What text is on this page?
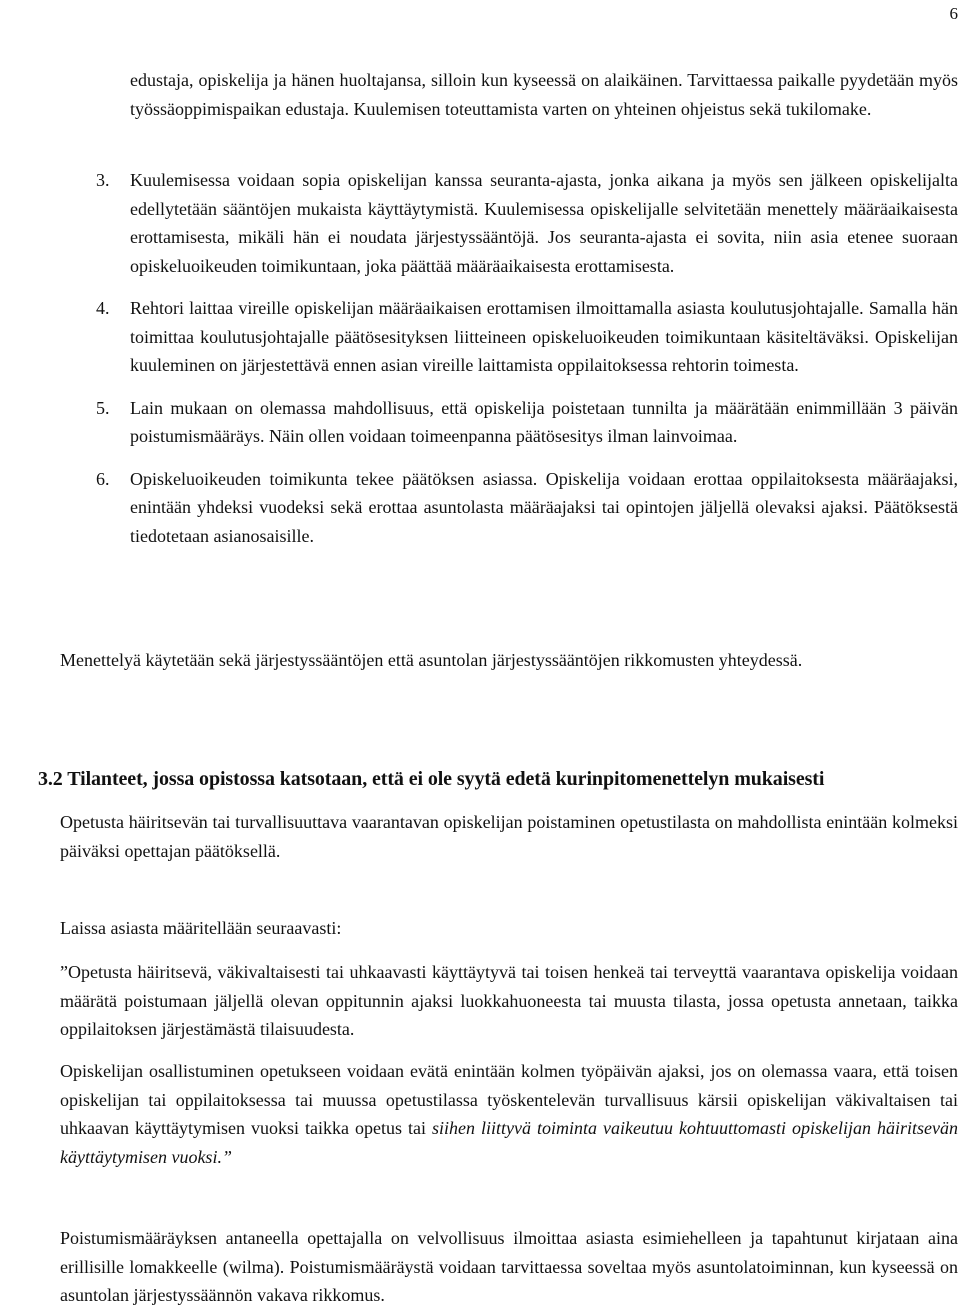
6

edustaja, opiskelija ja hänen huoltajansa, silloin kun kyseessä on alaikäinen. Tarvittaessa paikalle pyydetään myös työssäoppimispaikan edustaja. Kuulemisen toteuttamista varten on yhteinen ohjeistus sekä tukilomake.

3.	Kuulemisessa voidaan sopia opiskelijan kanssa seuranta-ajasta, jonka aikana ja myös sen jälkeen opiskelijalta edellytetään sääntöjen mukaista käyttäytymistä. Kuulemisessa opiskelijalle selvitetään menettely määräaikaisesta erottamisesta, mikäli hän ei noudata järjestyssääntöjä. Jos seuranta-ajasta ei sovita, niin asia etenee suoraan opiskeluoikeuden toimikuntaan, joka päättää määräaikaisesta erottamisesta.
4.	Rehtori laittaa vireille opiskelijan määräaikaisen erottamisen ilmoittamalla asiasta koulutusjohtajalle. Samalla hän toimittaa koulutusjohtajalle päätösesityksen liitteineen opiskeluoikeuden toimikuntaan käsiteltäväksi. Opiskelijan kuuleminen on järjestettävä ennen asian vireille laittamista oppilaitoksessa rehtorin toimesta.
5.	Lain mukaan on olemassa mahdollisuus, että opiskelija poistetaan tunnilta ja määrätään enimmillään 3 päivän poistumismääräys. Näin ollen voidaan toimeenpanna päätösesitys ilman lainvoimaa.
6.	Opiskeluoikeuden toimikunta tekee päätöksen asiassa. Opiskelija voidaan erottaa oppilaitoksesta määräajaksi, enintään yhdeksi vuodeksi sekä erottaa asuntolasta määräajaksi tai opintojen jäljellä olevaksi ajaksi. Päätöksestä tiedotetaan asianosaisille.

Menettelyä käytetään sekä järjestyssääntöjen että asuntolan järjestyssääntöjen rikkomusten yhteydessä.

3.2 Tilanteet, jossa opistossa katsotaan, että ei ole syytä edetä kurinpitomenettelyn mukaisesti

Opetusta häiritsevän tai turvallisuuttava vaarantavan opiskelijan poistaminen opetustilasta on mahdollista enintään kolmeksi päiväksi opettajan päätöksellä.

Laissa asiasta määritellään seuraavasti:

”Opetusta häiritsevä, väkivaltaisesti tai uhkaavasti käyttäytyvä tai toisen henkeä tai terveyttä vaarantava opiskelija voidaan määrätä poistumaan jäljellä olevan oppitunnin ajaksi luokkahuoneesta tai muusta tilasta, jossa opetusta annetaan, taikka oppilaitoksen järjestämästä tilaisuudesta.

Opiskelijan osallistuminen opetukseen voidaan evätä enintään kolmen työpäivän ajaksi, jos on olemassa vaara, että toisen opiskelijan tai oppilaitoksessa tai muussa opetustilassa työskentelevän turvallisuus kärsii opiskelijan väkivaltaisen tai uhkaavan käyttäytymisen vuoksi taikka opetus tai siihen liittyvä toiminta vaikeutuu kohtuuttomasti opiskelijan häiritsevän käyttäytymisen vuoksi.”

Poistumismääräyksen antaneella opettajalla on velvollisuus ilmoittaa asiasta esimiehelleen ja tapahtunut kirjataan aina erillisille lomakkeelle (wilma). Poistumismääräystä voidaan tarvittaessa soveltaa myös asuntolatoiminnan, kun kyseessä on asuntolan järjestyssäännön vakava rikkomus.
